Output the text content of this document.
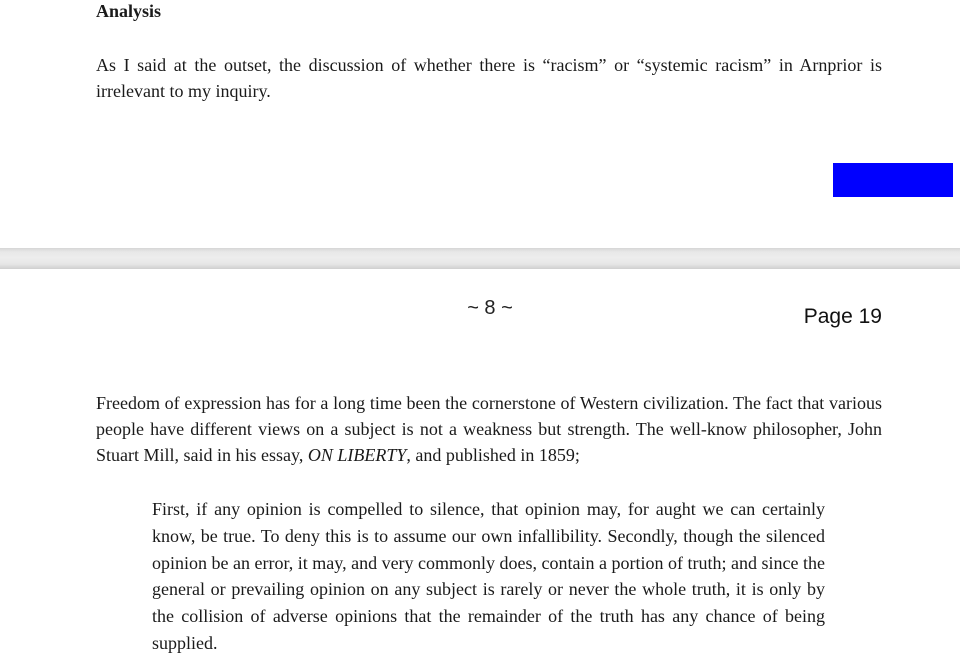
Analysis

As I said at the outset, the discussion of whether there is “racism” or “systemic racism” in Arnprior is irrelevant to my inquiry.

~ 8 ~	Page 19

Freedom of expression has for a long time been the cornerstone of Western civilization. The fact that various people have different views on a subject is not a weakness but strength. The well-know philosopher, John Stuart Mill, said in his essay, ON LIBERTY, and published in 1859;

First, if any opinion is compelled to silence, that opinion may, for aught we can certainly know, be true. To deny this is to assume our own infallibility. Secondly, though the silenced opinion be an error, it may, and very commonly does, contain a portion of truth; and since the general or prevailing opinion on any subject is rarely or never the whole truth, it is only by the collision of adverse opinions that the remainder of the truth has any chance of being supplied.
